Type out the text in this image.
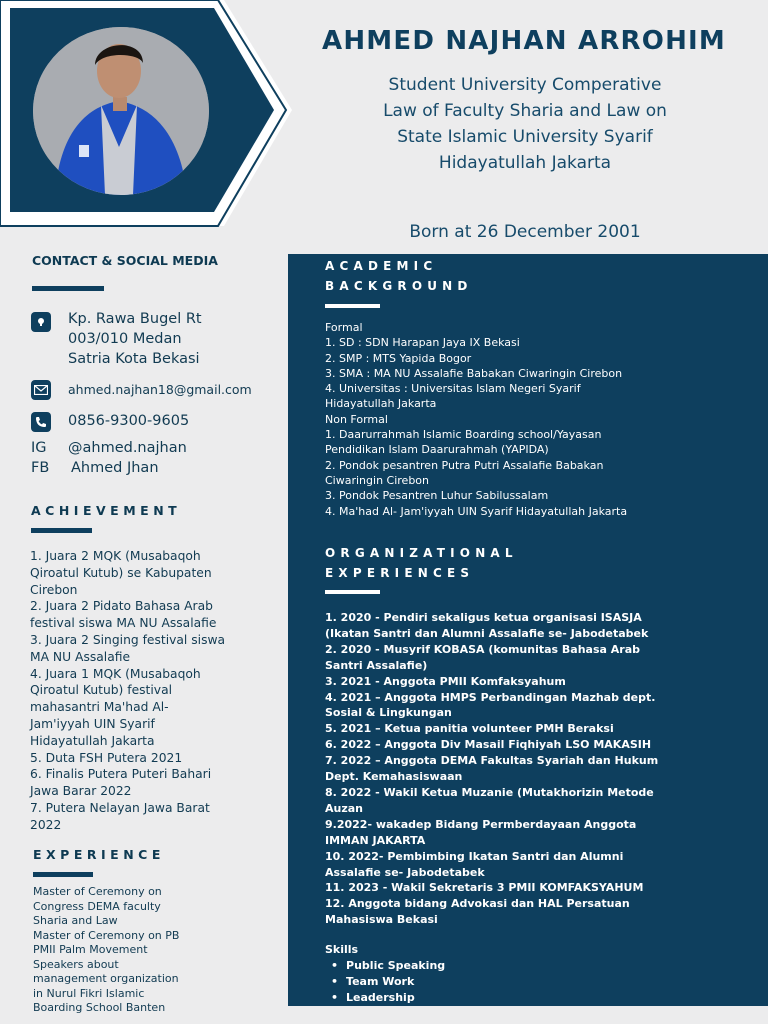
AHMED NAJHAN ARROHIM
Student University Comperative
Law of Faculty Sharia and Law on
State Islamic University Syarif
Hidayatullah Jakarta
Born at 26 December 2001
CONTACT & SOCIAL MEDIA
Kp. Rawa Bugel Rt
003/010 Medan
Satria Kota Bekasi
ahmed.najhan18@gmail.com
0856-9300-9605
IG @ahmed.najhan
FB Ahmed Jhan
ACHIEVEMENT
1. Juara 2 MQK (Musabaqoh
Qiroatul Kutub) se Kabupaten
Cirebon
2. Juara 2 Pidato Bahasa Arab
festival siswa MA NU Assalafie
3. Juara 2 Singing festival siswa
MA NU Assalafie
4. Juara 1 MQK (Musabaqoh
Qiroatul Kutub) festival
mahasantri Ma'had Al-
Jam'iyyah UIN Syarif
Hidayatullah Jakarta
5. Duta FSH Putera 2021
6. Finalis Putera Puteri Bahari
Jawa Barar 2022
7. Putera Nelayan Jawa Barat
2022
EXPERIENCE
Master of Ceremony on
Congress DEMA faculty
Sharia and Law
Master of Ceremony on PB
PMII Palm Movement
Speakers about
management organization
in Nurul Fikri Islamic
Boarding School Banten
ACADEMIC
BACKGROUND
Formal
1. SD : SDN Harapan Jaya IX Bekasi
2. SMP : MTS Yapida Bogor
3. SMA : MA NU Assalafie Babakan Ciwaringin Cirebon
4. Universitas : Universitas Islam Negeri Syarif
Hidayatullah Jakarta
Non Formal
1. Daarurrahmah Islamic Boarding school/Yayasan
Pendidikan Islam Daarurahmah (YAPIDA)
2. Pondok pesantren Putra Putri Assalafie Babakan
Ciwaringin Cirebon
3. Pondok Pesantren Luhur Sabilussalam
4. Ma'had Al- Jam'iyyah UIN Syarif Hidayatullah Jakarta
ORGANIZATIONAL
EXPERIENCES
1. 2020 - Pendiri sekaligus ketua organisasi ISASJA
(Ikatan Santri dan Alumni Assalafie se- Jabodetabek
2. 2020 - Musyrif KOBASA (komunitas Bahasa Arab
Santri Assalafie)
3. 2021 - Anggota PMII Komfaksyahum
4. 2021 – Anggota HMPS Perbandingan Mazhab dept.
Sosial & Lingkungan
5. 2021 – Ketua panitia volunteer PMH Beraksi
6. 2022 – Anggota Div Masail Fiqhiyah LSO MAKASIH
7. 2022 – Anggota DEMA Fakultas Syariah dan Hukum
Dept. Kemahasiswaan
8. 2022 - Wakil Ketua Muzanie (Mutakhorizin Metode
Auzan
9.2022- wakadep Bidang Permberdayaan Anggota
IMMAN JAKARTA
10. 2022- Pembimbing Ikatan Santri dan Alumni
Assalafie se- Jabodetabek
11. 2023 - Wakil Sekretaris 3 PMII KOMFAKSYAHUM
12. Anggota bidang Advokasi dan HAL Persatuan
Mahasiswa Bekasi
Skills
• Public Speaking
• Team Work
• Leadership
